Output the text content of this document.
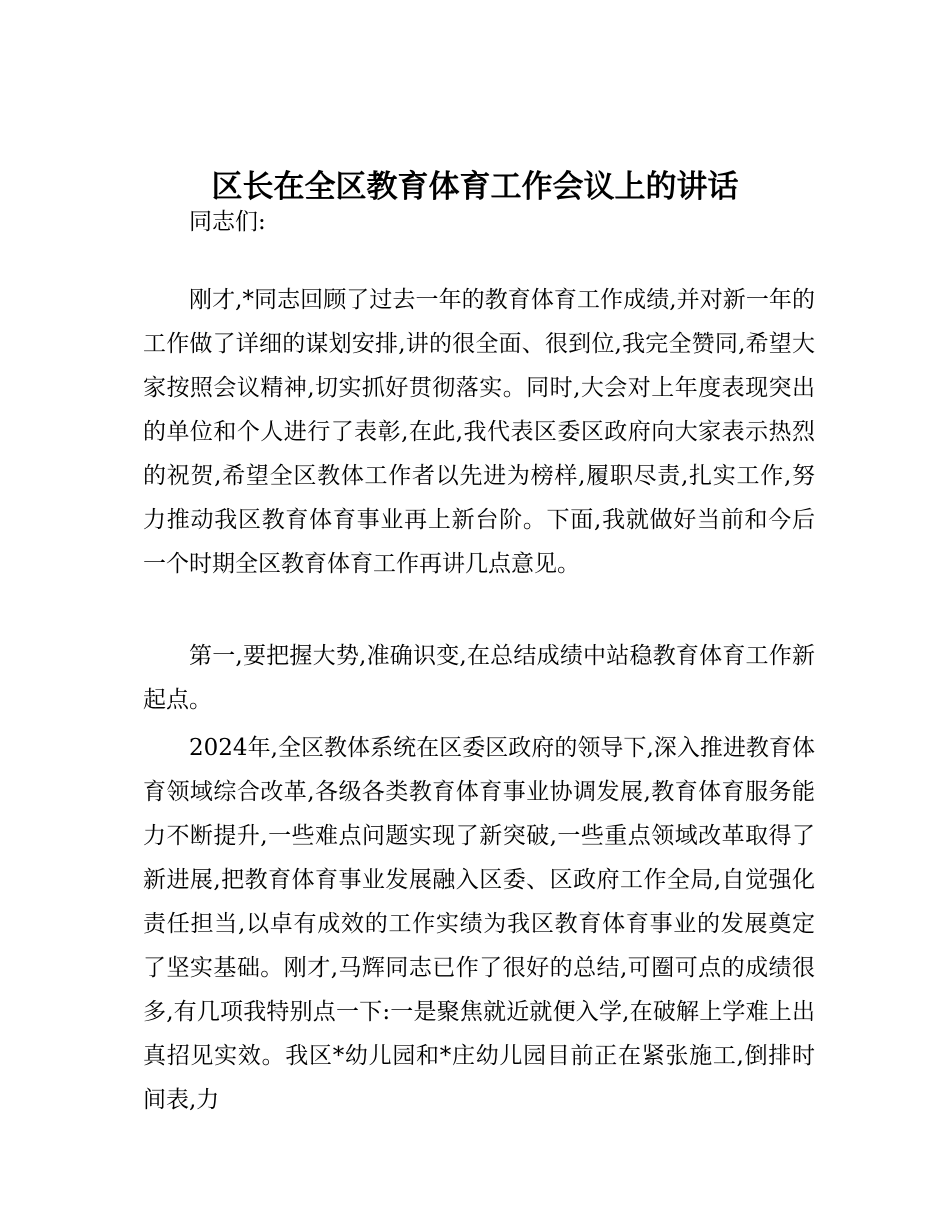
区长在全区教育体育工作会议上的讲话

同志们:

刚才,*同志回顾了过去一年的教育体育工作成绩,并对新一年的工作做了详细的谋划安排,讲的很全面、很到位,我完全赞同,希望大家按照会议精神,切实抓好贯彻落实。同时,大会对上年度表现突出的单位和个人进行了表彰,在此,我代表区委区政府向大家表示热烈的祝贺,希望全区教体工作者以先进为榜样,履职尽责,扎实工作,努力推动我区教育体育事业再上新台阶。下面,我就做好当前和今后一个时期全区教育体育工作再讲几点意见。

第一,要把握大势,准确识变,在总结成绩中站稳教育体育工作新起点。

2024年,全区教体系统在区委区政府的领导下,深入推进教育体育领域综合改革,各级各类教育体育事业协调发展,教育体育服务能力不断提升,一些难点问题实现了新突破,一些重点领域改革取得了新进展,把教育体育事业发展融入区委、区政府工作全局,自觉强化责任担当,以卓有成效的工作实绩为我区教育体育事业的发展奠定了坚实基础。刚才,马辉同志已作了很好的总结,可圈可点的成绩很多,有几项我特别点一下:一是聚焦就近就便入学,在破解上学难上出真招见实效。我区*幼儿园和*庄幼儿园目前正在紧张施工,倒排时间表,力
